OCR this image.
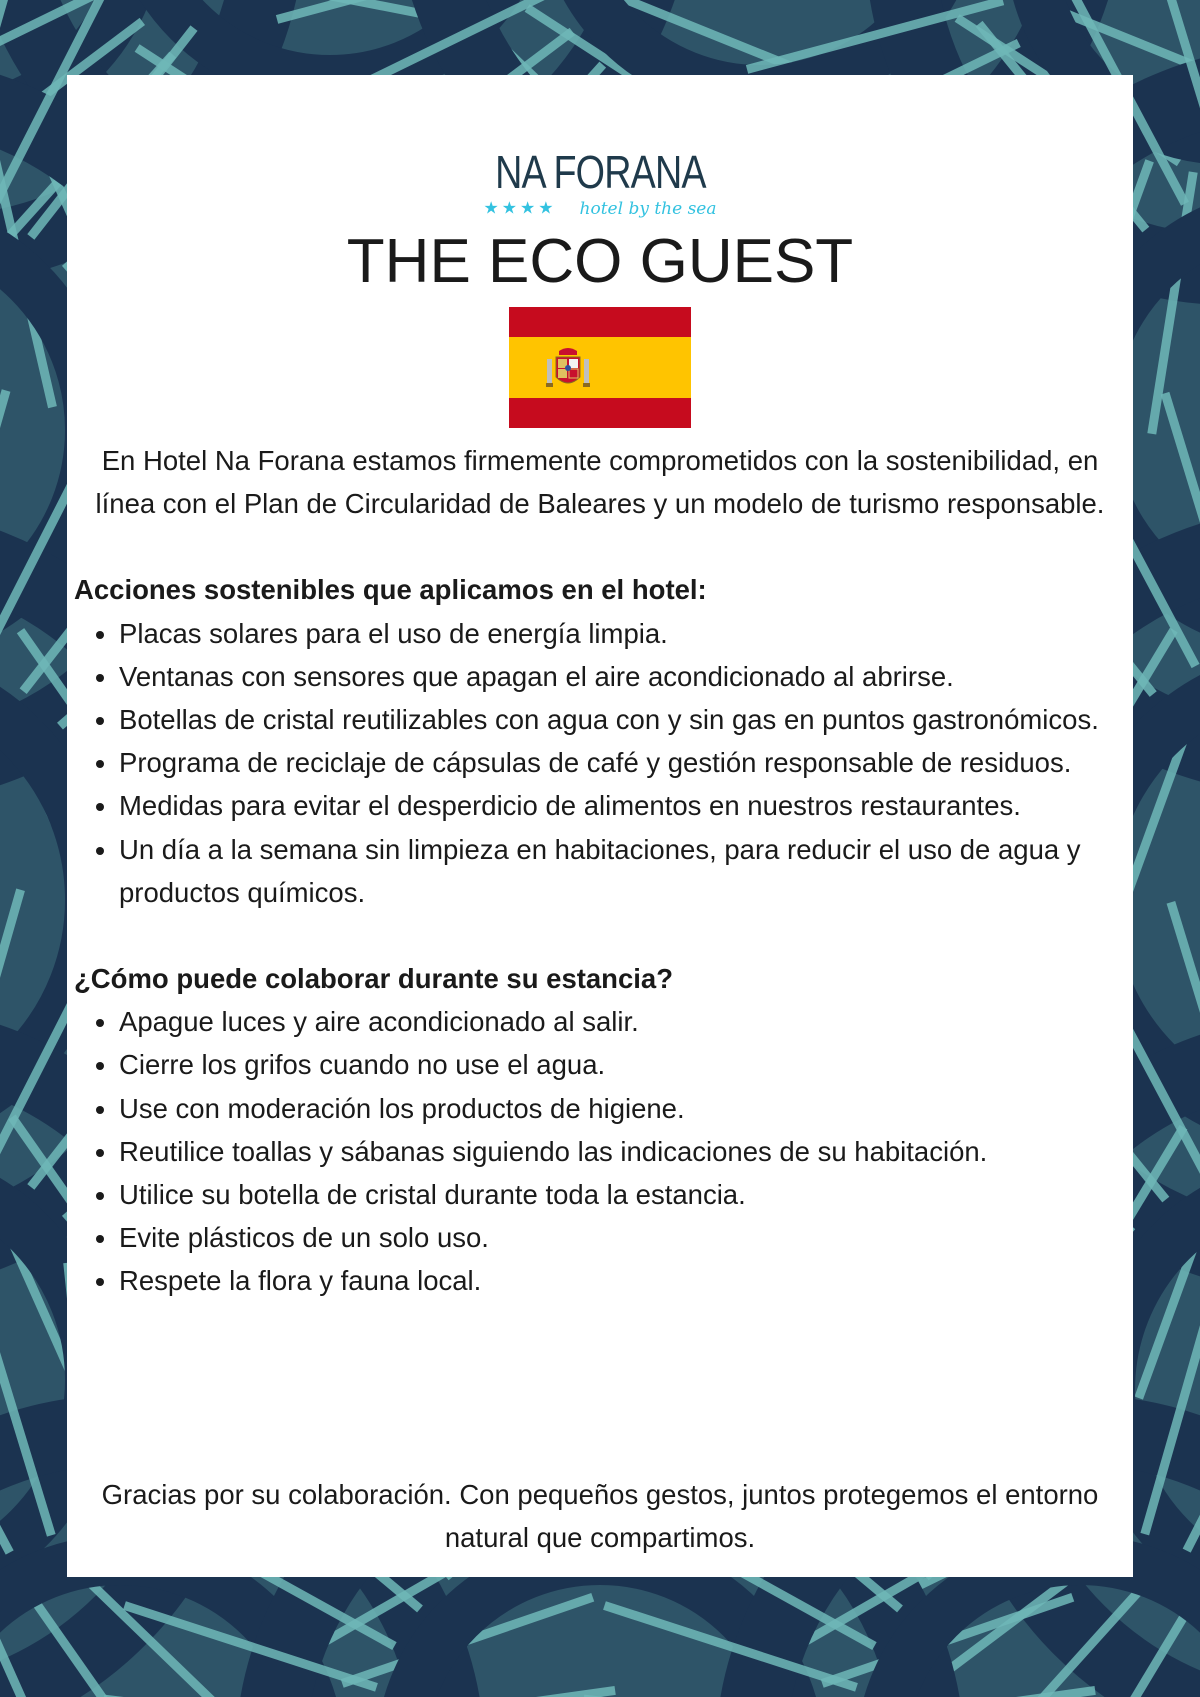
NA FORANA
★★★★ hotel by the sea
THE ECO GUEST

En Hotel Na Forana estamos firmemente comprometidos con la sostenibilidad, en línea con el Plan de Circularidad de Baleares y un modelo de turismo responsable.

Acciones sostenibles que aplicamos en el hotel:

• Placas solares para el uso de energía limpia.
• Ventanas con sensores que apagan el aire acondicionado al abrirse.
• Botellas de cristal reutilizables con agua con y sin gas en puntos gastronómicos.
• Programa de reciclaje de cápsulas de café y gestión responsable de residuos.
• Medidas para evitar el desperdicio de alimentos en nuestros restaurantes.
• Un día a la semana sin limpieza en habitaciones, para reducir el uso de agua y productos químicos.

¿Cómo puede colaborar durante su estancia?

• Apague luces y aire acondicionado al salir.
• Cierre los grifos cuando no use el agua.
• Use con moderación los productos de higiene.
• Reutilice toallas y sábanas siguiendo las indicaciones de su habitación.
• Utilice su botella de cristal durante toda la estancia.
• Evite plásticos de un solo uso.
• Respete la flora y fauna local.

Gracias por su colaboración. Con pequeños gestos, juntos protegemos el entorno natural que compartimos.
